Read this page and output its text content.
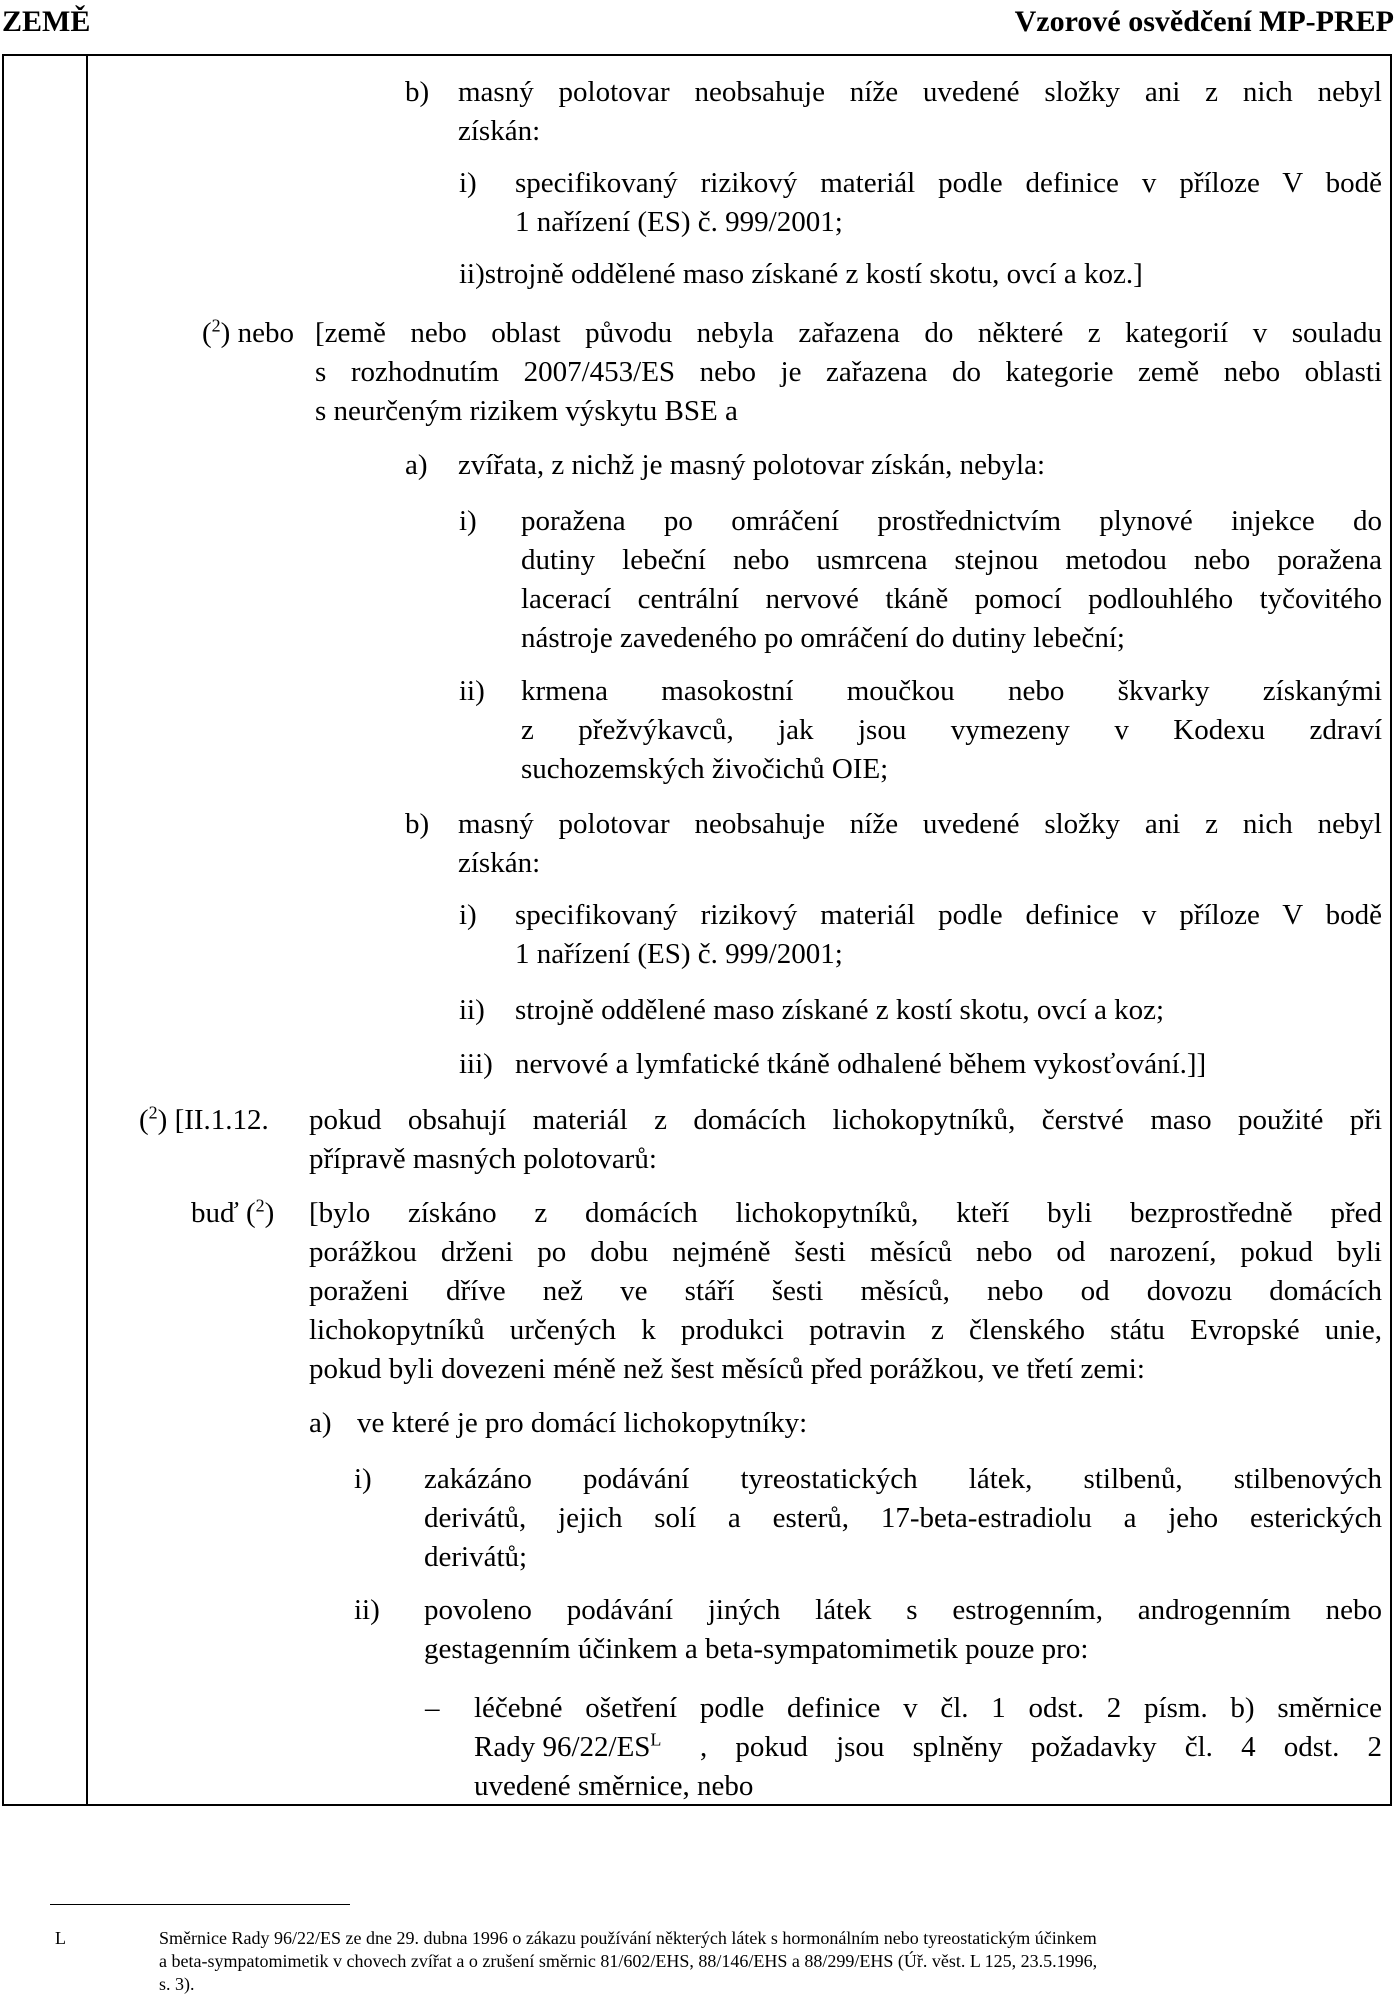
ZEMĚ	Vzorové osvědčení MP-PREP
b) masný polotovar neobsahuje níže uvedené složky ani z nich nebyl
získán:
i) specifikovaný rizikový materiál podle definice v příloze V bodě
1 nařízení (ES) č. 999/2001;
ii)strojně oddělené maso získané z kostí skotu, ovcí a koz.]
($^2$) nebo [země nebo oblast původu nebyla zařazena do některé z kategorií v souladu
s rozhodnutím 2007/453/ES nebo je zařazena do kategorie země nebo oblasti
s neurčeným rizikem výskytu BSE a
a) zvířata, z nichž je masný polotovar získán, nebyla:
i) poražena po omráčení prostřednictvím plynové injekce do
dutiny lebeční nebo usmrcena stejnou metodou nebo poražena
lacerací centrální nervové tkáně pomocí podlouhlého tyčovitého
nástroje zavedeného po omráčení do dutiny lebeční;
ii) krmena masokostní moučkou nebo škvarky získanými
z přežvýkavců, jak jsou vymezeny v Kodexu zdraví
suchozemských živočichů OIE;
b) masný polotovar neobsahuje níže uvedené složky ani z nich nebyl
získán:
i) specifikovaný rizikový materiál podle definice v příloze V bodě
1 nařízení (ES) č. 999/2001;
ii) strojně oddělené maso získané z kostí skotu, ovcí a koz;
iii) nervové a lymfatické tkáně odhalené během vykosťování.]]
($^2$) [II.1.12. pokud obsahují materiál z domácích lichokopytníků, čerstvé maso použité při
přípravě masných polotovarů:
buď ($^2$) [bylo získáno z domácích lichokopytníků, kteří byli bezprostředně před
porážkou drženi po dobu nejméně šesti měsíců nebo od narození, pokud byli
poraženi dříve než ve stáří šesti měsíců, nebo od dovozu domácích
lichokopytníků určených k produkci potravin z členského státu Evropské unie,
pokud byli dovezeni méně než šest měsíců před porážkou, ve třetí zemi:
a) ve které je pro domácí lichokopytníky:
i) zakázáno podávání tyreostatických látek, stilbenů, stilbenových
derivátů, jejich solí a esterů, 17-beta-estradiolu a jeho esterických
derivátů;
ii) povoleno podávání jiných látek s estrogenním, androgenním nebo
gestagenním účinkem a beta-sympatomimetik pouze pro:
– léčebné ošetření podle definice v čl. 1 odst. 2 písm. b) směrnice
Rady $96/22/ES^L$ , pokud jsou splněny požadavky čl. 4 odst. 2
uvedené směrnice, nebo
L	Směrnice Rady 96/22/ES ze dne 29. dubna 1996 o zákazu používání některých látek s hormonálním nebo tyreostatickým účinkem
a beta-sympatomimetik v chovech zvířat a o zrušení směrnic 81/602/EHS, 88/146/EHS a 88/299/EHS (Úř. věst. L 125, 23.5.1996,
s. 3).
